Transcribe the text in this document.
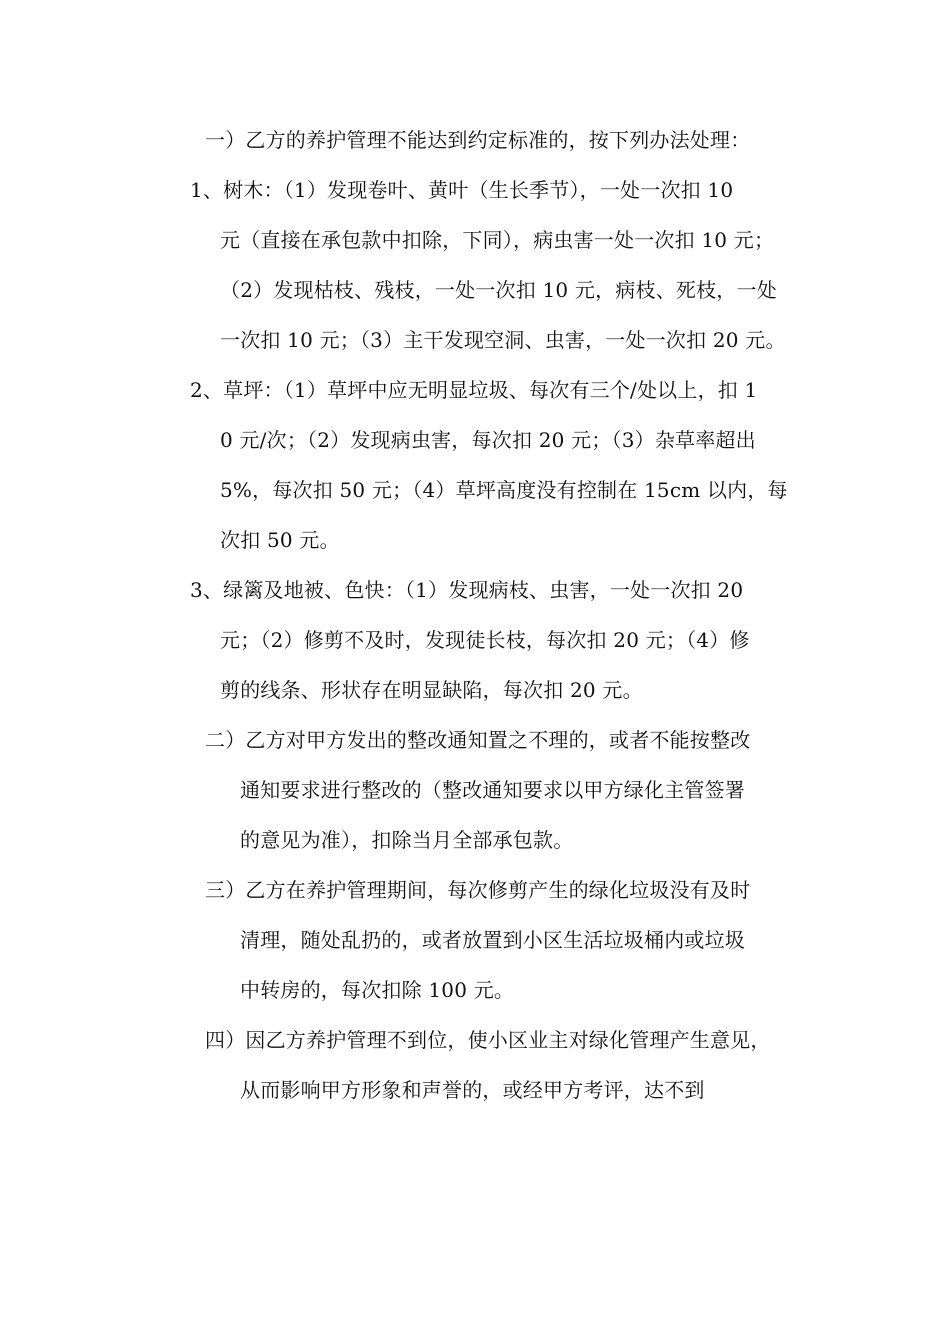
一）乙方的养护管理不能达到约定标准的，按下列办法处理：
1、树木：（1）发现卷叶、黄叶（生长季节），一处一次扣 10
元（直接在承包款中扣除，下同），病虫害一处一次扣 10 元；
（2）发现枯枝、残枝，一处一次扣 10 元，病枝、死枝，一处
一次扣 10 元；（3）主干发现空洞、虫害，一处一次扣 20 元。
2、草坪：（1）草坪中应无明显垃圾、每次有三个/处以上，扣 1
0 元/次；（2）发现病虫害，每次扣 20 元；（3）杂草率超出
5%，每次扣 50 元；（4）草坪高度没有控制在 15cm 以内，每
次扣 50 元。
3、绿篱及地被、色快：（1）发现病枝、虫害，一处一次扣 20
元；（2）修剪不及时，发现徒长枝，每次扣 20 元；（4）修
剪的线条、形状存在明显缺陷，每次扣 20 元。
二）乙方对甲方发出的整改通知置之不理的，或者不能按整改
通知要求进行整改的（整改通知要求以甲方绿化主管签署
的意见为准），扣除当月全部承包款。
三）乙方在养护管理期间，每次修剪产生的绿化垃圾没有及时
清理，随处乱扔的，或者放置到小区生活垃圾桶内或垃圾
中转房的，每次扣除 100 元。
四）因乙方养护管理不到位，使小区业主对绿化管理产生意见，
从而影响甲方形象和声誉的，或经甲方考评，达不到
